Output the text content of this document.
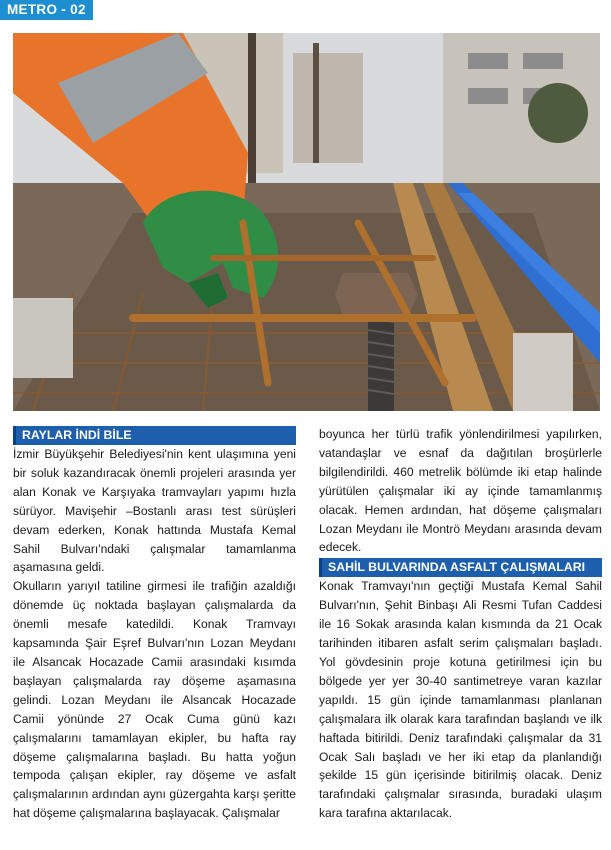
METRO - 02
RAYLAR İNDİ BİLE

İzmir Büyükşehir Belediyesi'nin kent ulaşımına yeni bir soluk kazandıracak önemli projeleri arasında yer alan Konak ve Karşıyaka tramvayları yapımı hızla sürüyor. Mavişehir –Bostanlı arası test sürüşleri devam ederken, Konak hattında Mustafa Kemal Sahil Bulvarı'ndaki çalışmalar tamamlanma aşamasına geldi.

Okulların yarıyıl tatiline girmesi ile trafiğin azaldığı dönemde üç noktada başlayan çalışmalarda da önemli mesafe katedildi. Konak Tramvayı kapsamında Şair Eşref Bulvarı'nın Lozan Meydanı ile Alsancak Hocazade Camii arasındaki kısımda başlayan çalışmalarda ray döşeme aşamasına gelindi. Lozan Meydanı ile Alsancak Hocazade Camii yönünde 27 Ocak Cuma günü kazı çalışmalarını tamamlayan ekipler, bu hafta ray döşeme çalışmalarına başladı. Bu hatta yoğun tempoda çalışan ekipler, ray döşeme ve asfalt çalışmalarının ardından aynı güzergahta karşı şeritte hat döşeme çalışmalarına başlayacak. Çalışmalar

boyunca her türlü trafik yönlendirilmesi yapılırken, vatandaşlar ve esnaf da dağıtılan broşürlerle bilgilendirildi. 460 metrelik bölümde iki etap halinde yürütülen çalışmalar iki ay içinde tamamlanmış olacak. Hemen ardından, hat döşeme çalışmaları Lozan Meydanı ile Montrö Meydanı arasında devam edecek.

SAHİL BULVARINDA ASFALT ÇALIŞMALARI

Konak Tramvayı'nın geçtiği Mustafa Kemal Sahil Bulvarı'nın, Şehit Binbaşı Ali Resmi Tufan Caddesi ile 16 Sokak arasında kalan kısmında da 21 Ocak tarihinden itibaren asfalt serim çalışmaları başladı. Yol gövdesinin proje kotuna getirilmesi için bu bölgede yer yer 30-40 santimetreye varan kazılar yapıldı. 15 gün içinde tamamlanması planlanan çalışmalara ilk olarak kara tarafından başlandı ve ilk haftada bitirildi. Deniz tarafındaki çalışmalar da 31 Ocak Salı başladı ve her iki etap da planlandığı şekilde 15 gün içerisinde bitirilmiş olacak. Deniz tarafındaki çalışmalar sırasında, buradaki ulaşım kara tarafına aktarılacak.
